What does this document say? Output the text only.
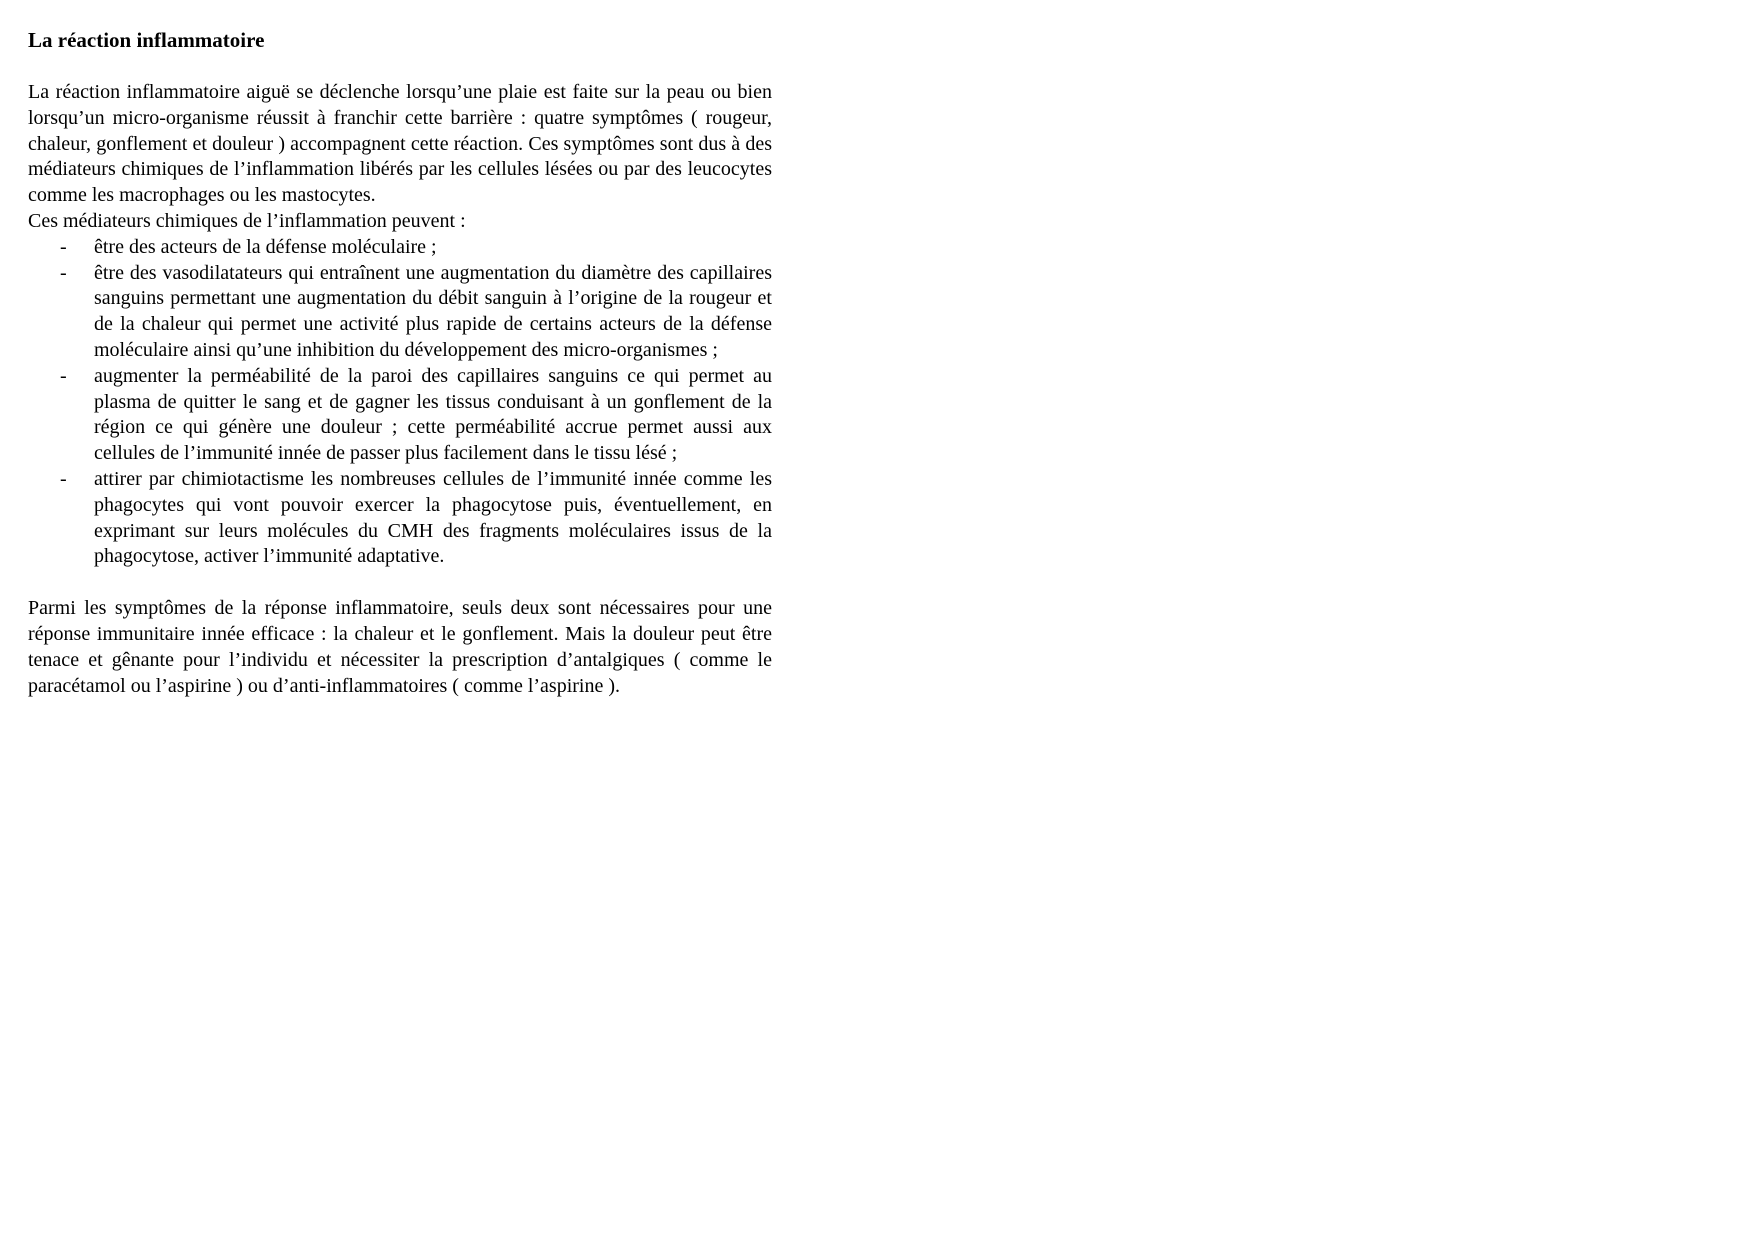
La réaction inflammatoire

La réaction inflammatoire aiguë se déclenche lorsqu’une plaie est faite sur la peau ou bien lorsqu’un micro-organisme réussit à franchir cette barrière : quatre symptômes ( rougeur, chaleur, gonflement et douleur ) accompagnent cette réaction. Ces symptômes sont dus à des médiateurs chimiques de l’inflammation libérés par les cellules lésées ou par des leucocytes comme les macrophages ou les mastocytes.

Ces médiateurs chimiques de l’inflammation peuvent :

-	être des acteurs de la défense moléculaire ;
-	être des vasodilatateurs qui entraînent une augmentation du diamètre des capillaires sanguins permettant une augmentation du débit sanguin à l’origine de la rougeur et de la chaleur qui permet une activité plus rapide de certains acteurs de la défense moléculaire ainsi qu’une inhibition du développement des micro-organismes ;
-	augmenter la perméabilité de la paroi des capillaires sanguins ce qui permet au plasma de quitter le sang et de gagner les tissus conduisant à un gonflement de la région ce qui génère une douleur ; cette perméabilité accrue permet aussi aux cellules de l’immunité innée de passer plus facilement dans le tissu lésé ;
-	attirer par chimiotactisme les nombreuses cellules de l’immunité innée comme les phagocytes qui vont pouvoir exercer la phagocytose puis, éventuellement, en exprimant sur leurs molécules du CMH des fragments moléculaires issus de la phagocytose, activer l’immunité adaptative.

Parmi les symptômes de la réponse inflammatoire, seuls deux sont nécessaires pour une réponse immunitaire innée efficace : la chaleur et le gonflement. Mais la douleur peut être tenace et gênante pour l’individu et nécessiter la prescription d’antalgiques ( comme le paracétamol ou l’aspirine ) ou d’anti-inflammatoires ( comme l’aspirine ).
